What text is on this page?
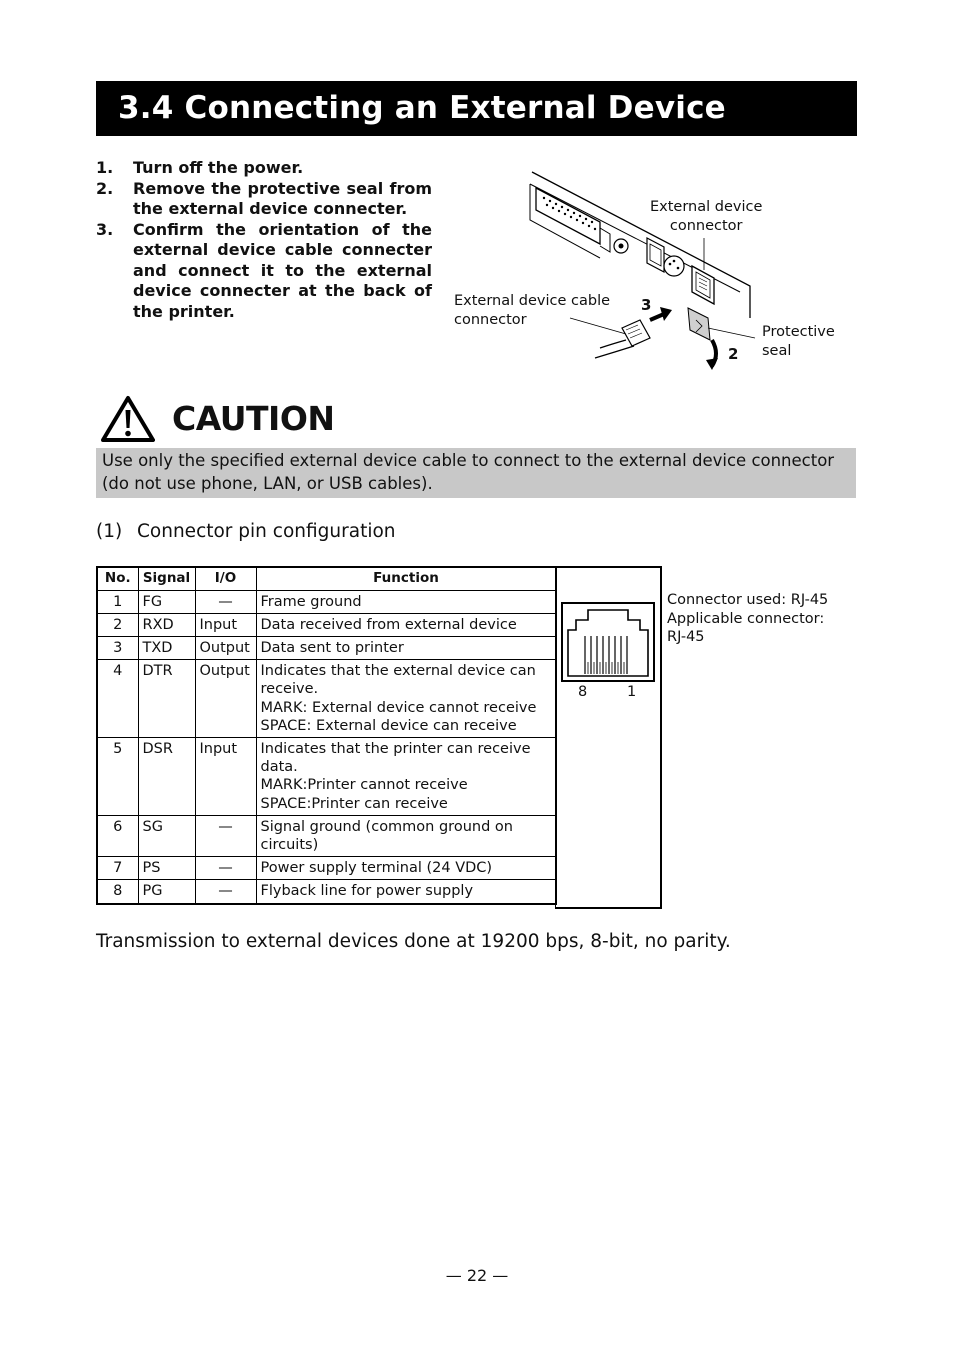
3.4 Connecting an External Device
1.	Turn off the power.
2.	Remove the protective seal from the external device connecter.
3.	Confirm the orientation of the external device cable connecter and connect it to the external device connecter at the back of the printer.
External device
connector
External device cable
connector
Protective
seal
3
2
CAUTION
Use only the specified external device cable to connect to the external device connector (do not use phone, LAN, or USB cables).
(1) Connector pin configuration
No.	Signal	I/O	Function
1	FG	—	Frame ground

2	RXD	Input	Data received from external device

3	TXD	Output	Data sent to printer

4	DTR	Output	Indicates that the external device can receive.
MARK: External device cannot receive
SPACE: External device can receive

5	DSR	Input	Indicates that the printer can receive data.
MARK:Printer cannot receive
SPACE:Printer can receive

6	SG	—	Signal ground (common ground on circuits)

7	PS	—	Power supply terminal (24 VDC)

8	PG	—	Flyback line for power supply
8	1
Connector used: RJ-45
Applicable connector:
RJ-45
Transmission to external devices done at 19200 bps, 8-bit, no parity.
— 22 —
